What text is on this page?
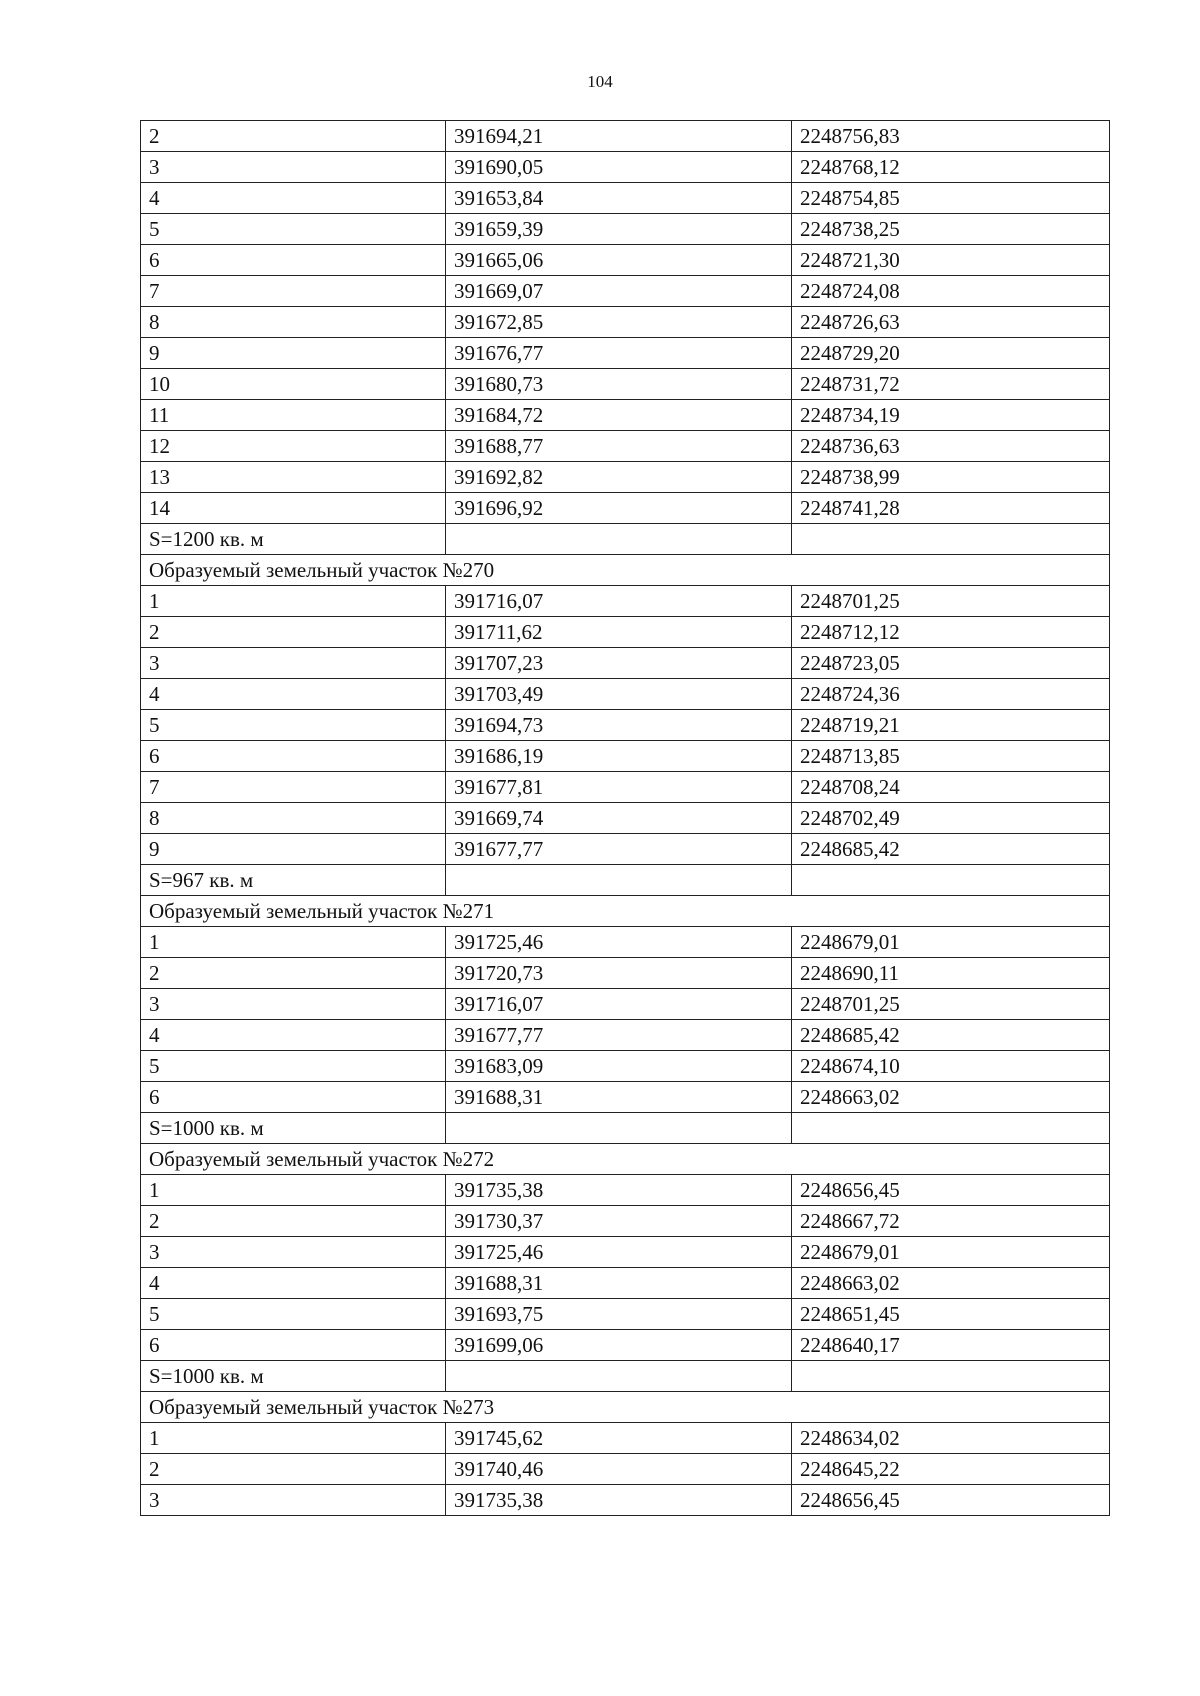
104
2	391694,21	2248756,83
3	391690,05	2248768,12
4	391653,84	2248754,85
5	391659,39	2248738,25
6	391665,06	2248721,30
7	391669,07	2248724,08
8	391672,85	2248726,63
9	391676,77	2248729,20
10	391680,73	2248731,72
11	391684,72	2248734,19
12	391688,77	2248736,63
13	391692,82	2248738,99
14	391696,92	2248741,28
S=1200 кв. м		
Образуемый земельный участок №270		
1	391716,07	2248701,25
2	391711,62	2248712,12
3	391707,23	2248723,05
4	391703,49	2248724,36
5	391694,73	2248719,21
6	391686,19	2248713,85
7	391677,81	2248708,24
8	391669,74	2248702,49
9	391677,77	2248685,42
S=967 кв. м		
Образуемый земельный участок №271		
1	391725,46	2248679,01
2	391720,73	2248690,11
3	391716,07	2248701,25
4	391677,77	2248685,42
5	391683,09	2248674,10
6	391688,31	2248663,02
S=1000 кв. м		
Образуемый земельный участок №272		
1	391735,38	2248656,45
2	391730,37	2248667,72
3	391725,46	2248679,01
4	391688,31	2248663,02
5	391693,75	2248651,45
6	391699,06	2248640,17
S=1000 кв. м		
Образуемый земельный участок №273		
1	391745,62	2248634,02
2	391740,46	2248645,22
3	391735,38	2248656,45
